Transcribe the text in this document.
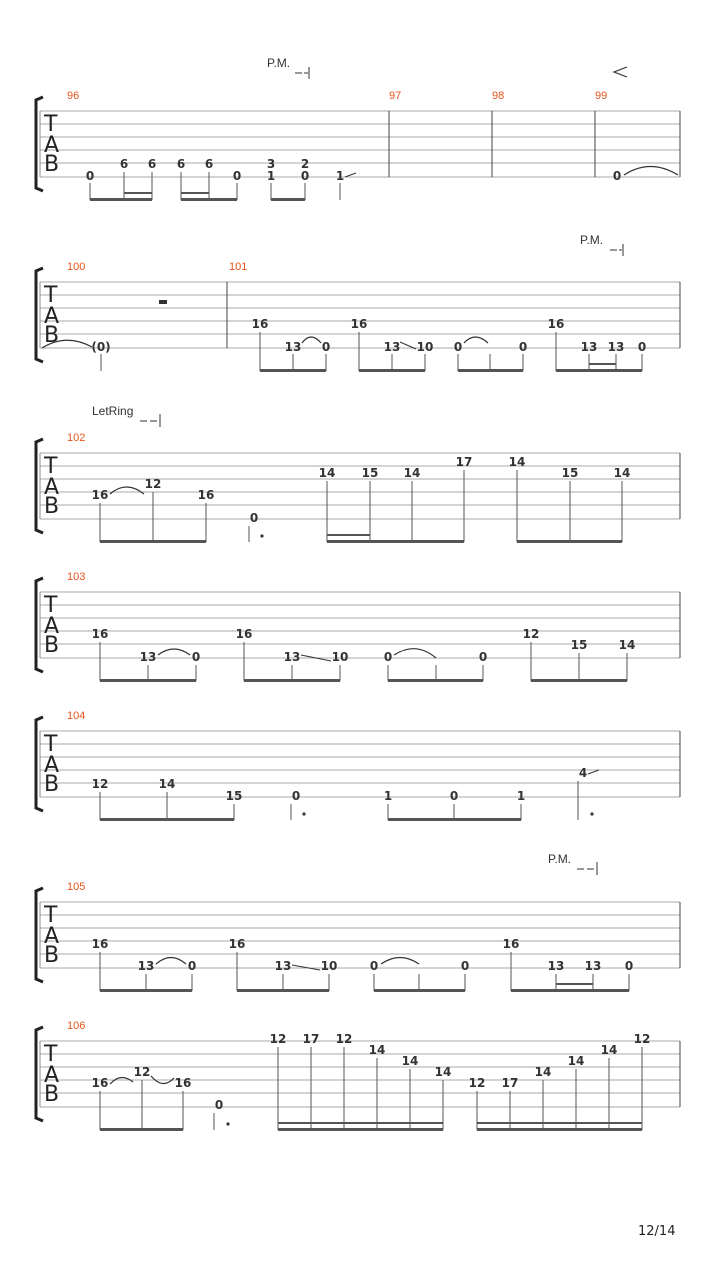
T
A
B
96	97	98	99
P.M.
0
6 6 6 6
0 1 0
3 2
1	0
T
A
B
100	101
P.M.
(0)
16
13 0
16
13 10 0	0
16
13 13 0
T
A
B
102
LetRing
16
12
16
0
14 15 14
17	14
15	14
T
A
B
103
16
13	0
16
13	10	0	0
12
15	14
T
A
B
104
12	14
15	0	1	0	1
4
T
A
B
105
P.M.
16
13	0
16
13 10	0	0
16
13 13 0
T
A
B
106
16
12
16
0
12 17 12
14
14
14
12 17
14
14
14
12
12/14
